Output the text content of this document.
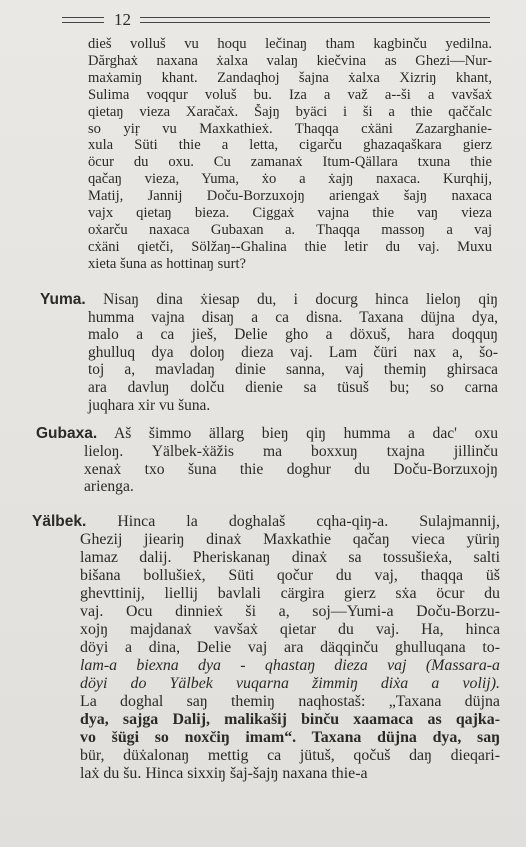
12
dieš volluš vu hoqu lečinaŋ tham kagbinču yedilna.
Dărghaẋ naxana ẋalxa valaŋ kiečvina as Ghezi—Nur-
maẋamiŋ khant. Zandaqhoj šajna ẋalxa Xizriŋ khant,
Sulima voqqur voluš bu. Iza a važ a--ši a vavšaẋ
qietaŋ vieza Xaračaẋ. Šajŋ byäci i ši a thie qaččalc
so yiŗ vu Maxkathieẋ. Thaqqa cẋäni Zazarghanie-
xula Süti thie a letta, cigarču ghazaqaškara gierz
öcur du oxu. Cu zamanaẋ Itum-Qällara txuna thie
qačaŋ vieza, Yuma, ẋo a ẋajŋ naxaca. Kurqhij,
Matij, Jannij Doču-Borzuxojŋ ariengaẋ šajŋ naxaca
vajx qietaŋ bieza. Ciggaẋ vajna thie vaŋ vieza
oẋarču naxaca Gubaxan a. Thaqqa massoŋ a vaj
cẋäni qietči, Sölžaŋ--Ghalina thie letir du vaj. Muxu
xieta šuna as hottinaŋ surt?
Yuma. Nisaŋ dina ẋiesap du, i docurg hinca lieloŋ qiŋ
humma vajna disaŋ a ca disna. Taxana düjna dya,
malo a ca jieš, Delie gho a döxuš, hara doqquŋ
ghulluq dya doloŋ dieza vaj. Lam čüri nax a, šo-
toj a, mavladaŋ dinie sanna, vaj themiŋ ghirsaca
ara davluŋ dolču dienie sa tüsuš bu; so carna
juqhara xir vu šuna.
Gubaxa. Aš šimmo ällarg bieŋ qiŋ humma a dac' oxu
lieloŋ. Yälbek-ẋäžis ma boxxuŋ txajna jillinču
xenaẋ txo šuna thie doghur du Doču-Borzuxojŋ
arienga.
Yälbek. Hinca la doghalaš cqha-qiŋ-a. Sulajmannij,
Ghezij jieariŋ dinaẋ Maxkathie qačaŋ vieca yüriŋ
lamaz dalij. Pheriskanaŋ dinaẋ sa tossušieẋa, salti
bišana bollušieẋ, Süti qočur du vaj, thaqqa üš
ghevttinij, liellij bavlali cärgira gierz sẋa öcur du
vaj. Ocu dinnieẋ ši a, soj—Yumi-a Doču-Borzu-
xojŋ majdanaẋ vavšaẋ qietar du vaj. Ha, hinca
döyi a dina, Delie vaj ara däqqinču ghulluqana to-
lam-a biexna dya - qhastaŋ dieza vaj (Massara-a
döyi do Yälbek vuqarna žimmiŋ diẋa a volij).
La doghal saŋ themiŋ naqhostaš: „Taxana düjna
dya, sajga Dalij, malikašij binču xaamaca as qajka-
vo šügi so noxčiŋ imam“. Taxana düjna dya, saŋ
bür, düẋalonaŋ mettig ca jütuš, qočuš daŋ dieqari-
laẋ du šu. Hinca sixxiŋ šaj-šajŋ naxana thie-a
